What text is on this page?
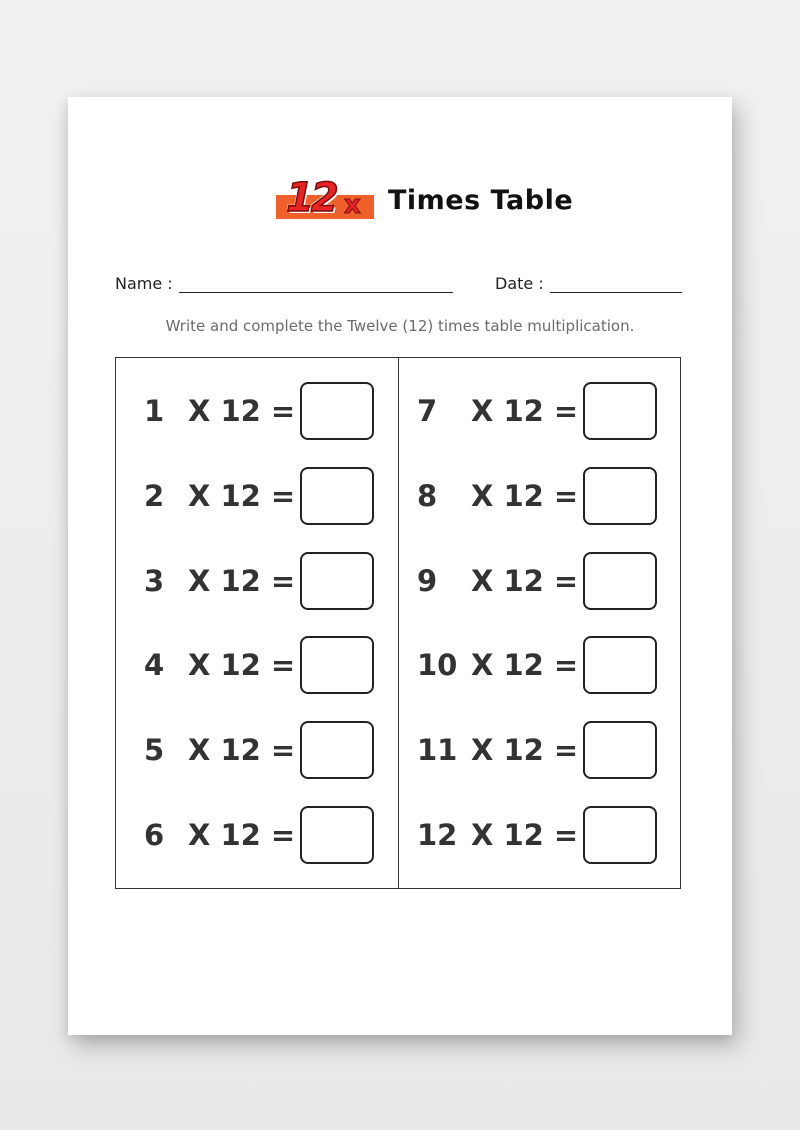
12 x Times Table
Name :	Date :
Write and complete the Twelve (12) times table multiplication.
1 X 12 =
2 X 12 =
3 X 12 =
4 X 12 =
5 X 12 =
6 X 12 =
7	X 12 =
8	X 12 =
9	X 12 =
10 X 12 =
11 X 12 =
12 X 12 =
